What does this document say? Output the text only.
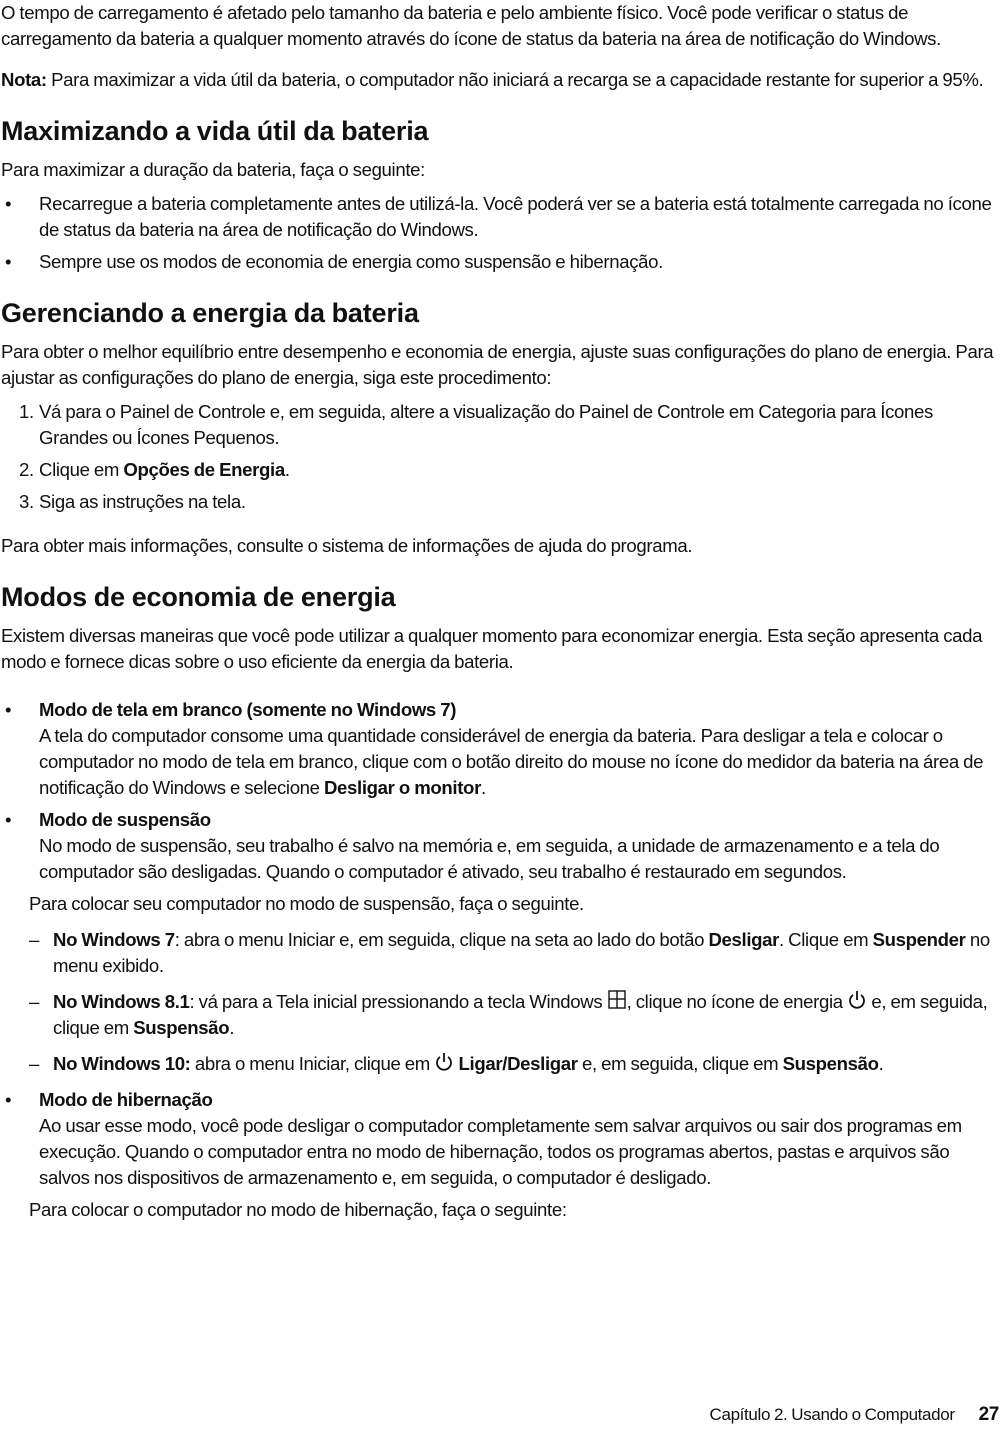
O tempo de carregamento é afetado pelo tamanho da bateria e pelo ambiente físico. Você pode verificar o status de carregamento da bateria a qualquer momento através do ícone de status da bateria na área de notificação do Windows.
Nota: Para maximizar a vida útil da bateria, o computador não iniciará a recarga se a capacidade restante for superior a 95%.
Maximizando a vida útil da bateria
Para maximizar a duração da bateria, faça o seguinte:
• Recarregue a bateria completamente antes de utilizá-la. Você poderá ver se a bateria está totalmente carregada no ícone de status da bateria na área de notificação do Windows.
• Sempre use os modos de economia de energia como suspensão e hibernação.
Gerenciando a energia da bateria
Para obter o melhor equilíbrio entre desempenho e economia de energia, ajuste suas configurações do plano de energia. Para ajustar as configurações do plano de energia, siga este procedimento:
1. Vá para o Painel de Controle e, em seguida, altere a visualização do Painel de Controle em Categoria para Ícones Grandes ou Ícones Pequenos.
2. Clique em Opções de Energia.
3. Siga as instruções na tela.
Para obter mais informações, consulte o sistema de informações de ajuda do programa.
Modos de economia de energia
Existem diversas maneiras que você pode utilizar a qualquer momento para economizar energia. Esta seção apresenta cada modo e fornece dicas sobre o uso eficiente da energia da bateria.
• Modo de tela em branco (somente no Windows 7)
A tela do computador consome uma quantidade considerável de energia da bateria. Para desligar a tela e colocar o computador no modo de tela em branco, clique com o botão direito do mouse no ícone do medidor da bateria na área de notificação do Windows e selecione Desligar o monitor.
• Modo de suspensão
No modo de suspensão, seu trabalho é salvo na memória e, em seguida, a unidade de armazenamento e a tela do computador são desligadas. Quando o computador é ativado, seu trabalho é restaurado em segundos.
Para colocar seu computador no modo de suspensão, faça o seguinte.
– No Windows 7: abra o menu Iniciar e, em seguida, clique na seta ao lado do botão Desligar. Clique em Suspender no menu exibido.
– No Windows 8.1: vá para a Tela inicial pressionando a tecla Windows , clique no ícone de energia  e, em seguida, clique em Suspensão.
– No Windows 10: abra o menu Iniciar, clique em  Ligar/Desligar e, em seguida, clique em Suspensão.
• Modo de hibernação
Ao usar esse modo, você pode desligar o computador completamente sem salvar arquivos ou sair dos programas em execução. Quando o computador entra no modo de hibernação, todos os programas abertos, pastas e arquivos são salvos nos dispositivos de armazenamento e, em seguida, o computador é desligado.
Para colocar o computador no modo de hibernação, faça o seguinte:
Capítulo 2. Usando o Computador 27
